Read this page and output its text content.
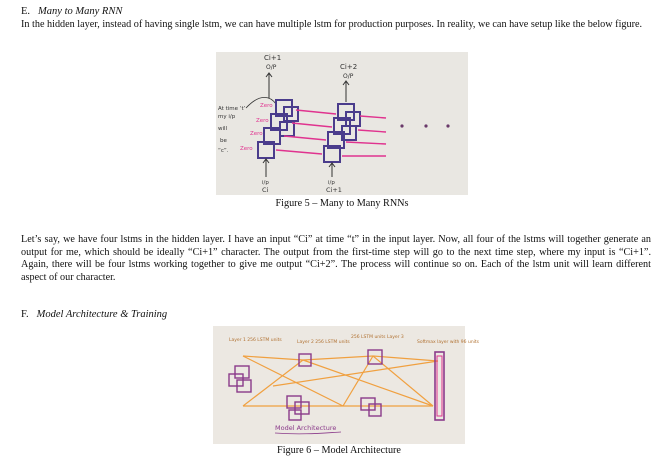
E. Many to Many RNN

In the hidden layer, instead of having single lstm, we can have multiple lstm for production purposes. In reality, we can have setup like the below figure.

Ci+1
O/P	Ci+2
O/P
At time ‘t’
my i/p
will
be
“c”.
Zero
Zero
Zero
Zero
i/p
Ci
i/p
Ci+1
Figure 5 – Many to Many RNNs

Let’s say, we have four lstms in the hidden layer. I have an input “Ci” at time “t” in the input layer. Now, all four of the lstms will together generate an output for me, which should be ideally “Ci+1” character. The output from the first-time step will go to the next time step, where my input is “Ci+1”. Again, there will be four lstms working together to give me output “Ci+2”. The process will continue so on. Each of the lstm unit will learn different aspect of our character.

F. Model Architecture & Training
Layer 1 256 LSTM units	Layer 2 256 LSTM units
256 LSTM units Layer 3
Softmax layer with 96 units
Model Architecture
Figure 6 – Model Architecture
